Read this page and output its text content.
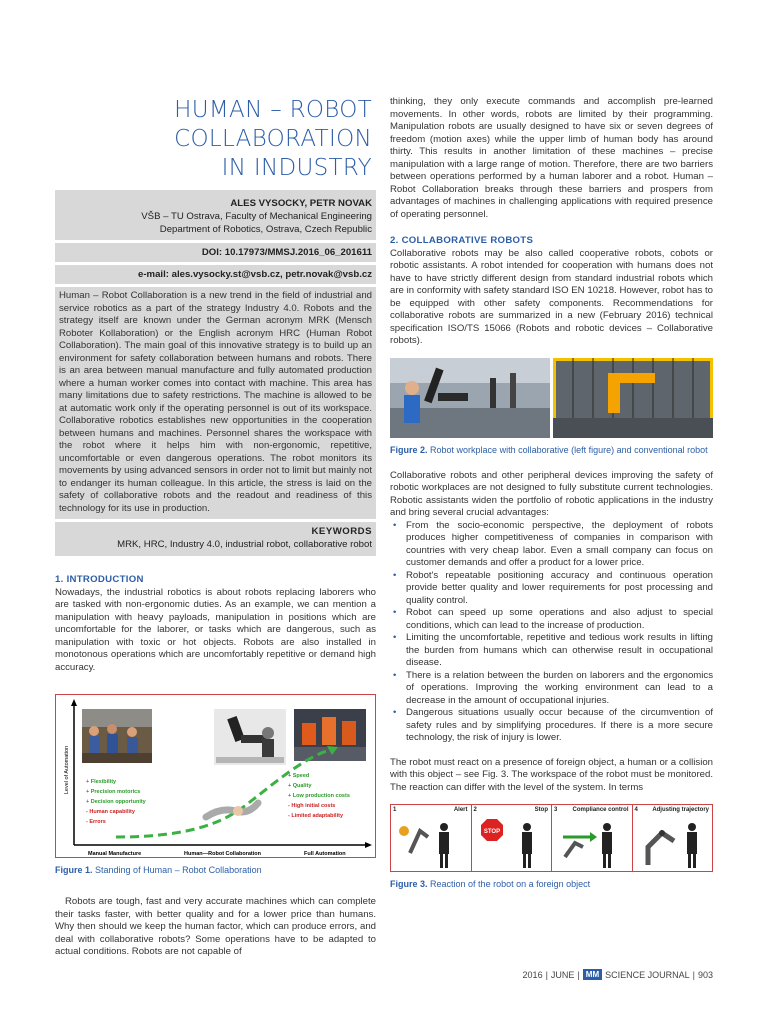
HUMAN – ROBOT
COLLABORATION
IN INDUSTRY
ALES VYSOCKY, PETR NOVAK
VŠB – TU Ostrava, Faculty of Mechanical Engineering
Department of Robotics, Ostrava, Czech Republic
DOI: 10.17973/MMSJ.2016_06_201611
e-mail: ales.vysocky.st@vsb.cz, petr.novak@vsb.cz
Human – Robot Collaboration is a new trend in the field of industrial and service robotics as a part of the strategy Industry 4.0. Robots and the strategy itself are known under the German acronym MRK (Mensch Roboter Kollaboration) or the English acronym HRC (Human Robot Collaboration). The main goal of this innovative strategy is to build up an environment for safety collaboration between humans and robots. There is an area between manual manufacture and fully automated production where a human worker comes into contact with machine. This area has many limitations due to safety restrictions. The machine is allowed to be at automatic work only if the operating personnel is out of its workspace. Collaborative robotics establishes new opportunities in the cooperation between humans and machines. Personnel shares the workspace with the robot where it helps him with non-ergonomic, repetitive, uncomfortable or even dangerous operations. The robot monitors its movements by using advanced sensors in order not to limit but mainly not to endanger its human colleague. In this article, the stress is laid on the safety of collaborative robots and the readout and readiness of this technology for its use in production.
KEYWORDS
MRK, HRC, Industry 4.0, industrial robot, collaborative robot
1. INTRODUCTION

Nowadays, the industrial robotics is about robots replacing laborers who are tasked with non-ergonomic duties. As an example, we can mention a manipulation with heavy payloads, manipulation in positions which are uncomfortable for the laborer, or tasks which are dangerous, such as manipulation with toxic or hot objects. Robots are also installed in monotonous operations which are uncomfortably repetitive or demand high accuracy.

Level of Automation	+ Flexibility
+ Precision motorics
+ Decision opportunity
- Human capability
- Errors
+ Speed
+ Quality
+ Low production costs
- High initial costs
- Limited adaptability
Manual Manufacture	Human—Robot Collaboration	Full Automation
Figure 1. Standing of Human – Robot Collaboration

Robots are tough, fast and very accurate machines which can complete their tasks faster, with better quality and for a lower price than humans. Why then should we keep the human factor, which can produce errors, and deal with collaborative robots? Some operations have to be adapted to actual conditions. Robots are not capable of

thinking, they only execute commands and accomplish pre-learned movements. In other words, robots are limited by their programming. Manipulation robots are usually designed to have six or seven degrees of freedom (motion axes) while the upper limb of human body has around thirty. This results in another limitation of these machines – precise manipulation with a large range of motion. Therefore, there are two barriers between operations performed by a human laborer and a robot. Human – Robot Collaboration breaks through these barriers and prospers from advantages of machines in challenging applications with required presence of operating personnel.

2. COLLABORATIVE ROBOTS

Collaborative robots may be also called cooperative robots, cobots or robotic assistants. A robot intended for cooperation with humans does not have to have strictly different design from standard industrial robots which are in conformity with safety standard ISO EN 10218. However, robot has to be equipped with other safety components. Recommendations for collaborative robots are summarized in a new (February 2016) technical specification ISO/TS 15066 (Robots and robotic devices – Collaborative robots).

Figure 2. Robot workplace with collaborative (left figure) and conventional robot

Collaborative robots and other peripheral devices improving the safety of robotic workplaces are not designed to fully substitute current technologies. Robotic assistants widen the portfolio of robotic applications in the industry and bring several crucial advantages:

• From the socio-economic perspective, the deployment of robots produces higher competitiveness of companies in comparison with countries with very cheap labor. Even a small company can focus on customer demands and offer a product for a lower price.
• Robot's repeatable positioning accuracy and continuous operation provide better quality and lower requirements for post processing and quality control.
• Robot can speed up some operations and also adjust to special conditions, which can lead to the increase of production.
• Limiting the uncomfortable, repetitive and tedious work results in lifting the burden from humans which can otherwise result in occupational disease.
• There is a relation between the burden on laborers and the ergonomics of operations. Improving the working environment can lead to a decrease in the amount of occupational injuries.
• Dangerous situations usually occur because of the circumvention of safety rules and by simplifying procedures. If there is a more secure technology, the risk of injury is lower.

The robot must react on a presence of foreign object, a human or a collision with this object – see Fig. 3. The workspace of the robot must be monitored. The reaction can differ with the level of the system. In terms

1	Alert 2	Stop
STOP
3	Compliance control 4 Adjusting trajectory
Figure 3. Reaction of the robot on a foreign object
2016 | JUNE | MM SCIENCE JOURNAL | 903
